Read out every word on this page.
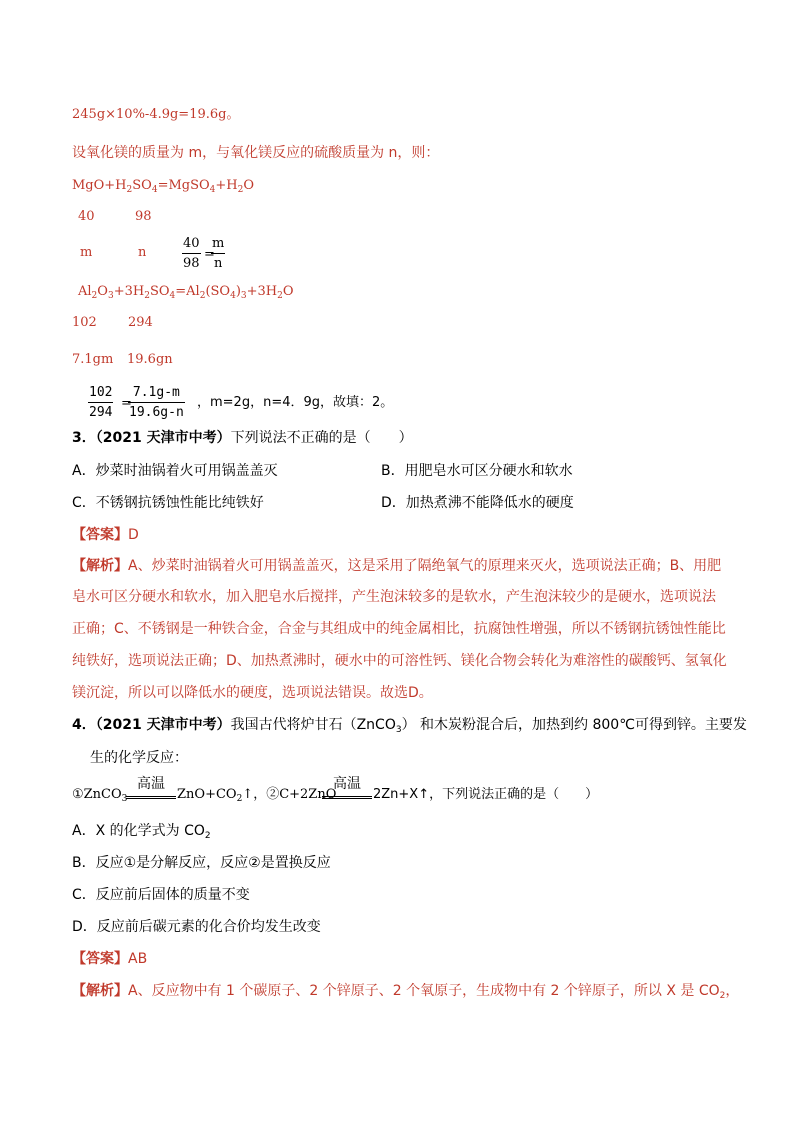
245g×10%-4.9g=19.6g。
设氧化镁的质量为 m，与氧化镁反应的硫酸质量为 n，则：
$MgO+H_2SO_4=MgSO_4+H_2O$
40	98
m	n	$\frac{40}{98}$ =
$\frac{m}{n}$
$Al_2O_3+3H_2SO_4=Al_2(SO_4)_3+3H_2O$
102 294
7.1gm 19.6gn
$\frac{102}{294}$ =
$\frac{7.1g-m}{19.6g-n}$ ，m=2g，n=4．9g，故填：2。
3．（2021 天津市中考）下列说法不正确的是（　　）
A．炒菜时油锅着火可用锅盖盖灭	B．用肥皂水可区分硬水和软水
C．不锈钢抗锈蚀性能比纯铁好	D．加热煮沸不能降低水的硬度
【答案】D
【解析】A、炒菜时油锅着火可用锅盖盖灭，这是采用了隔绝氧气的原理来灭火，选项说法正确；B、用肥
皂水可区分硬水和软水，加入肥皂水后搅拌，产生泡沫较多的是软水，产生泡沫较少的是硬水，选项说法
正确；C、不锈钢是一种铁合金，合金与其组成中的纯金属相比，抗腐蚀性增强，所以不锈钢抗锈蚀性能比
纯铁好，选项说法正确；D、加热煮沸时，硬水中的可溶性钙、镁化合物会转化为难溶性的碳酸钙、氢氧化
镁沉淀，所以可以降低水的硬度，选项说法错误。故选D。
4．（2021 天津市中考）我国古代将炉甘石（ZnCO$_3$） 和木炭粉混合后，加热到约 800℃可得到锌。主要发
生的化学反应：
①ZnCO$_3$
高温
$ZnO+CO_2↑$，②C+2ZnO
高温
2Zn+X↑，下列说法正确的是（　　）
A．X 的化学式为 $CO_2$
B．反应①是分解反应，反应②是置换反应
C．反应前后固体的质量不变
D．反应前后碳元素的化合价均发生改变
【答案】AB
【解析】A、反应物中有 1 个碳原子、2 个锌原子、2 个氧原子，生成物中有 2 个锌原子，所以 X 是 $CO_2$，
